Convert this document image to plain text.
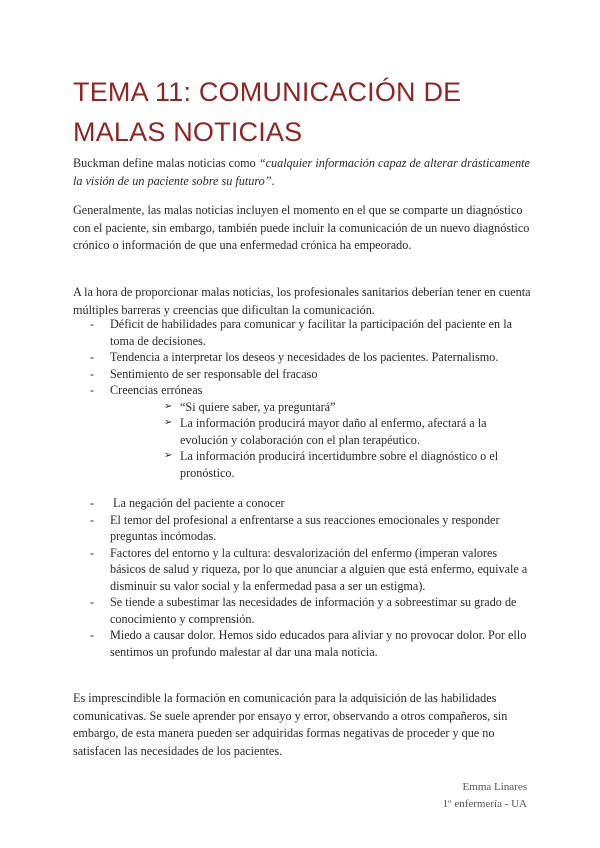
TEMA 11: COMUNICACIÓN DE
MALAS NOTICIAS

Buckman define malas noticias como “cualquier información capaz de alterar drásticamente la visión de un paciente sobre su futuro”.

Generalmente, las malas noticias incluyen el momento en el que se comparte un diagnóstico con el paciente, sin embargo, también puede incluir la comunicación de un nuevo diagnóstico crónico o información de que una enfermedad crónica ha empeorado.

A la hora de proporcionar malas noticias, los profesionales sanitarios deberían tener en cuenta múltiples barreras y creencias que dificultan la comunicación.

- Déficit de habilidades para comunicar y facilitar la participación del paciente en la toma de decisiones.
- Tendencia a interpretar los deseos y necesidades de los pacientes. Paternalismo.
- Sentimiento de ser responsable del fracaso
- Creencias erróneas
➢ “Si quiere saber, ya preguntará”
➢ La información producirá mayor daño al enfermo, afectará a la evolución y colaboración con el plan terapéutico.
➢ La información producirá incertidumbre sobre el diagnóstico o el pronóstico.
- La negación del paciente a conocer
- El temor del profesional a enfrentarse a sus reacciones emocionales y responder preguntas incómodas.
- Factores del entorno y la cultura: desvalorización del enfermo (imperan valores básicos de salud y riqueza, por lo que anunciar a alguien que está enfermo, equivale a disminuir su valor social y la enfermedad pasa a ser un estigma).
- Se tiende a subestimar las necesidades de información y a sobreestimar su grado de conocimiento y comprensión.
- Miedo a causar dolor. Hemos sido educados para aliviar y no provocar dolor. Por ello sentimos un profundo malestar al dar una mala noticia.

Es imprescindible la formación en comunicación para la adquisición de las habilidades comunicativas. Se suele aprender por ensayo y error, observando a otros compañeros, sin embargo, de esta manera pueden ser adquiridas formas negativas de proceder y que no satisfacen las necesidades de los pacientes.

Emma Linares
1º enfermería - UA
